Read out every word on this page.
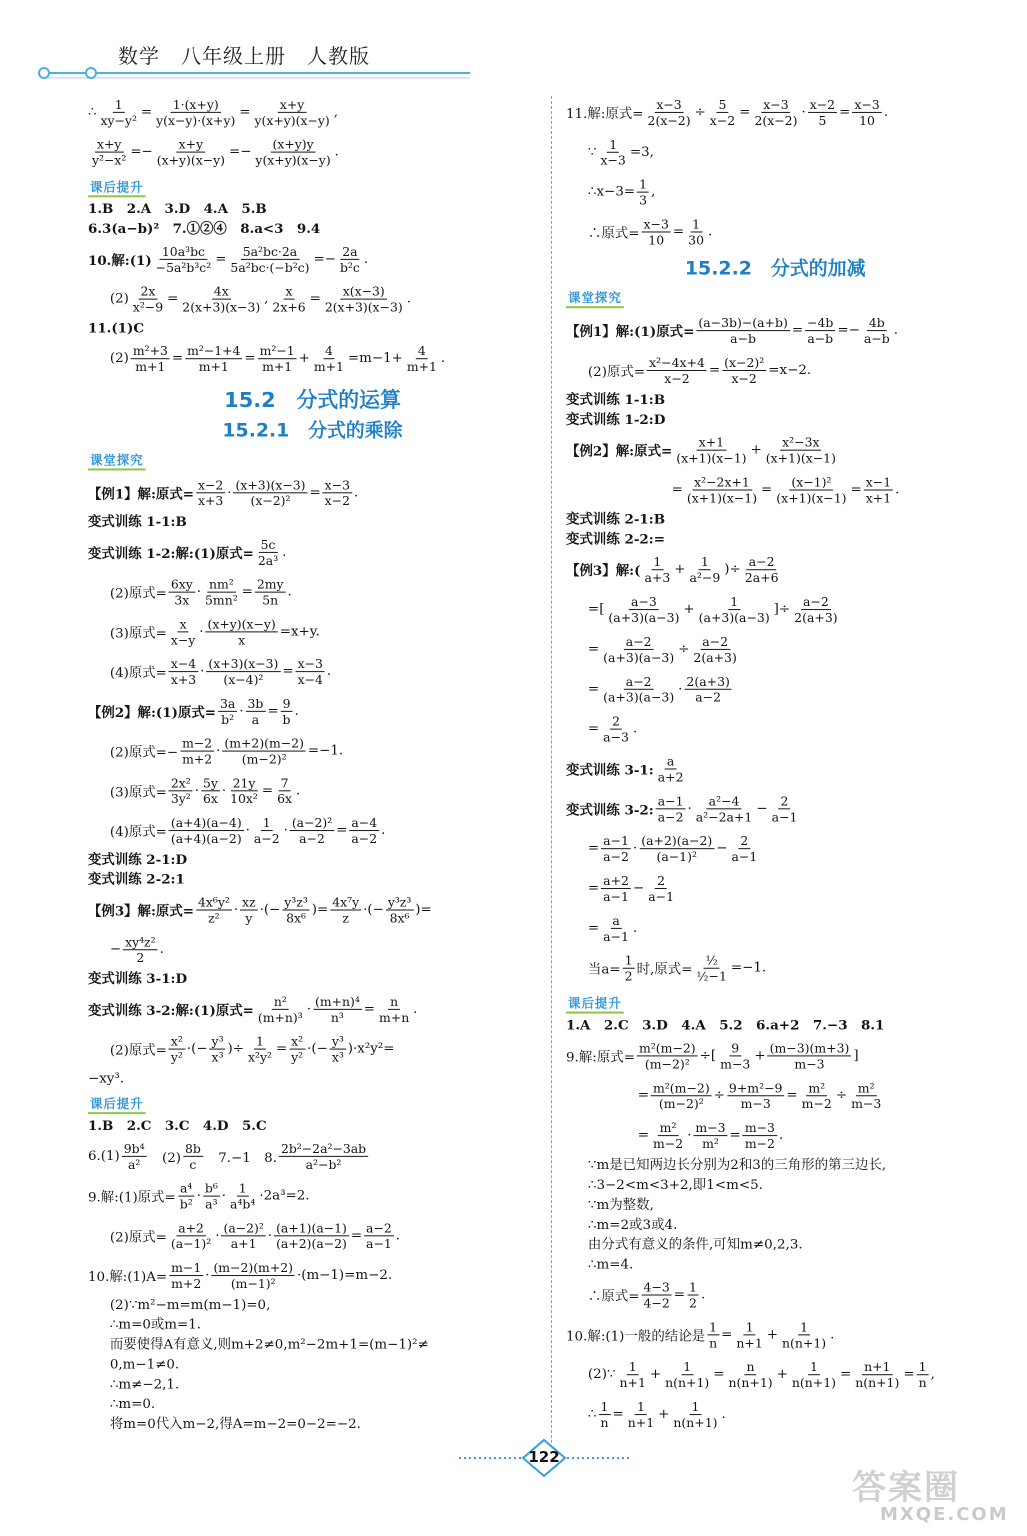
数学　八年级上册　人教版
∴ $\frac{1}{\text{xy−y²}} = \frac{1\cdot(x+y)}{y(x-y)\cdot(x+y)} = \frac{x+y}{y(x+y)(x-y)}$ ,
$\frac{x+y}{\text{y²−x²}} =- \frac{x+y}{(x+y)(x-y)} =- \frac{(x+y)y}{y(x+y)(x-y)}$ .
课后提升
1.B　2.A　3.D　4.A　5.B
6.3(a−b)²　7.①②④　8.a<3　9.4
10.解:(1) $\frac{\text{10a³bc}}{\text{−5a²b³c²}} = \frac{\text{5a²bc·2a}}{\text{5a²bc·(−b²c)}} =- \frac{2a}{\text{b²c}}$ .
$(2) \frac{2x}{\text{x²−9}} = \frac{4x}{2(x+3)(x-3)}$ , $\frac{x}{2x+6} = \frac{x(x-3)}{2(x+3)(x-3)}$ .
11.(1)C
$(2) \frac{\text{m²+3}}{m+1} = \frac{\text{m²−1+4}}{m+1} = \frac{\text{m²−1}}{m+1} + \frac{4}{m+1} =m-1+ \frac{4}{m+1}$ .
15.2　分式的运算
15.2.1　分式的乘除
课堂探究
【例1】解:原式= $\frac{x-2}{x+3} \cdot \frac{(x+3)(x-3)}{\text{(x−2)²}} = \frac{x-3}{x-2}$ .
变式训练 1-1:B
变式训练 1-2:解:(1)原式= $\frac{5c}{\text{2a³}}$ .
(2)原式= $\frac{6xy}{3x} \cdot \frac{\text{nm²}}{\text{5mn²}} = \frac{2my}{5n}$ .
(3)原式= $\frac{x}{x-y} \cdot \frac{(x+y)(x-y)}{x} =x+y$.
(4)原式= $\frac{x-4}{x+3} \cdot \frac{(x+3)(x-3)}{\text{(x−4)²}} = \frac{x-3}{x-4}$ .
【例2】解:(1)原式= $\frac{3a}{\text{b²}} \cdot \frac{3b}{a} = \frac{9}{b}$ .
(2)原式=− $\frac{m-2}{m+2} \cdot \frac{(m+2)(m-2)}{\text{(m−2)²}} =-1$.
(3)原式= $\frac{\text{2x²}}{\text{3y²}} \cdot \frac{5y}{6x} \cdot \frac{21y}{\text{10x²}} = \frac{7}{6x}$ .
(4)原式= $\frac{(a+4)(a-4)}{(a+4)(a-2)} \cdot \frac{1}{a-2} \cdot \frac{\text{(a−2)²}}{a-2} = \frac{a-4}{a-2}$ .
变式训练 2-1:D
变式训练 2-2:1
【例3】解:原式= $\frac{\text{4x⁶y²}}{\text{z²}} \cdot \frac{xz}{y}$ ·(− $\frac{\text{y³z³}}{\text{8x⁶}}$ )= $\frac{\text{4x⁷y}}{z}$ ·(− $\frac{\text{y³z³}}{\text{8x⁶}}$ )=
− $\frac{\text{xy⁴z²}}{2}$ .
变式训练 3-1:D
变式训练 3-2:解:(1)原式= $\frac{\text{n²}}{\text{(m+n)³}} \cdot \frac{\text{(m+n)⁴}}{\text{n³}} = \frac{n}{m+n}$ .
(2)原式= $\frac{\text{x²}}{\text{y²}}$ ·(− $\frac{\text{y³}}{\text{x³}}$ )÷ $\frac{1}{\text{x²y²}} = \frac{\text{x²}}{\text{y²}}$ ·(− $\frac{\text{y³}}{\text{x³}} )\cdot x^2y^2=$
−xy³.
课后提升
1.B　2.C　3.C　4.D　5.C
$6.(1) \frac{\text{9b⁴}}{\text{a²}}$ 　$(2) \frac{8b}{c}$ 　7.−1　8. $\frac{\text{2b²−2a²−3ab}}{\text{a²−b²}}$
9.解:(1)原式= $\frac{\text{a⁴}}{\text{b²}} \cdot \frac{\text{b⁶}}{\text{a³}} \cdot \frac{1}{\text{a⁴b⁴}} \cdot 2a^3=2$.
(2)原式= $\frac{a+2}{\text{(a−1)²}} \cdot \frac{\text{(a−2)²}}{a+1} \cdot \frac{(a+1)(a-1)}{(a+2)(a-2)} = \frac{a-2}{a-1}$ .
10.解:(1)A= $\frac{m-1}{m+2} \cdot \frac{(m-2)(m+2)}{\text{(m−1)²}} \cdot(m-1)=m-2$.
(2)∵m²−m=m(m−1)=0,
∴m=0或m=1.
而要使得A有意义,则m+2≠0,m²−2m+1=(m−1)²≠
0,m−1≠0.
∴m≠−2,1.
∴m=0.
将m=0代入m−2,得A=m−2=0−2=−2.
11.解:原式= $\frac{x-3}{2(x-2)} \div \frac{5}{x-2} = \frac{x-3}{2(x-2)} \cdot \frac{x-2}{5} = \frac{x-3}{10}$ .
∵ $\frac{1}{x-3} =3$,
∴x−3= $\frac{1}{3}$ ,
∴原式= $\frac{x-3}{10} = \frac{1}{30}$ .
15.2.2　分式的加减
课堂探究
【例1】解:(1)原式= $\frac{(a-3b)-(a+b)}{a-b} = \frac{-4b}{a-b} =- \frac{4b}{a-b}$ .
(2)原式= $\frac{\text{x²−4x+4}}{x-2} = \frac{\text{(x−2)²}}{x-2} =x-2$.
变式训练 1-1:B
变式训练 1-2:D
【例2】解:原式= $\frac{x+1}{(x+1)(x-1)} + \frac{\text{x²−3x}}{(x+1)(x-1)}$
= $\frac{\text{x²−2x+1}}{(x+1)(x-1)} = \frac{\text{(x−1)²}}{(x+1)(x-1)} = \frac{x-1}{x+1}$ .
变式训练 2-1:B
变式训练 2-2:=
【例3】解:( $\frac{1}{a+3} + \frac{1}{\text{a²−9}}$ )÷ $\frac{a-2}{2a+6}$
=[ $\frac{a-3}{(a+3)(a-3)} + \frac{1}{(a+3)(a-3)}$ ]÷ $\frac{a-2}{2(a+3)}$
= $\frac{a-2}{(a+3)(a-3)} \div \frac{a-2}{2(a+3)}$
= $\frac{a-2}{(a+3)(a-3)} \cdot \frac{2(a+3)}{a-2}$
= $\frac{2}{a-3}$ .
变式训练 3-1: $\frac{a}{a+2}$
变式训练 3-2: $\frac{a-1}{a-2} \cdot \frac{\text{a²−4}}{\text{a²−2a+1}} - \frac{2}{a-1}$
= $\frac{a-1}{a-2} \cdot \frac{(a+2)(a-2)}{\text{(a−1)²}} - \frac{2}{a-1}$
= $\frac{a+2}{a-1} - \frac{2}{a-1}$
= $\frac{a}{a-1}$ .
当$a= \frac{1}{2}$ 时,原式= $\frac{\text{½}}{\text{½−1}} =-1$.
课后提升
1.A　2.C　3.D　4.A　5.2　6.a+2　7.−3　8.1
9.解:原式= $\frac{\text{m²(m−2)}}{\text{(m−2)²}}$ ÷[ $\frac{9}{m-3} + \frac{(m-3)(m+3)}{m-3}$ ]
= $\frac{\text{m²(m−2)}}{\text{(m−2)²}} \div \frac{\text{9+m²−9}}{m-3} = \frac{\text{m²}}{m-2} \div \frac{\text{m²}}{m-3}$
= $\frac{\text{m²}}{m-2} \cdot \frac{m-3}{\text{m²}} = \frac{m-3}{m-2}$ .
∵m是已知两边长分别为2和3的三角形的第三边长,
∴3−2<m<3+2,即1<m<5.
∵m为整数,
∴m=2或3或4.
由分式有意义的条件,可知m≠0,2,3.
∴m=4.
∴原式= $\frac{4-3}{4-2} = \frac{1}{2}$ .
10.解:(1)一般的结论是 $\frac{1}{n} = \frac{1}{n+1} + \frac{1}{n(n+1)}$ .
(2)∵ $\frac{1}{n+1} + \frac{1}{n(n+1)} = \frac{n}{n(n+1)} + \frac{1}{n(n+1)} = \frac{n+1}{n(n+1)} = \frac{1}{n}$ ,
∴ $\frac{1}{n} = \frac{1}{n+1} + \frac{1}{n(n+1)}$ .
122
答案圈
MXQE.COM
